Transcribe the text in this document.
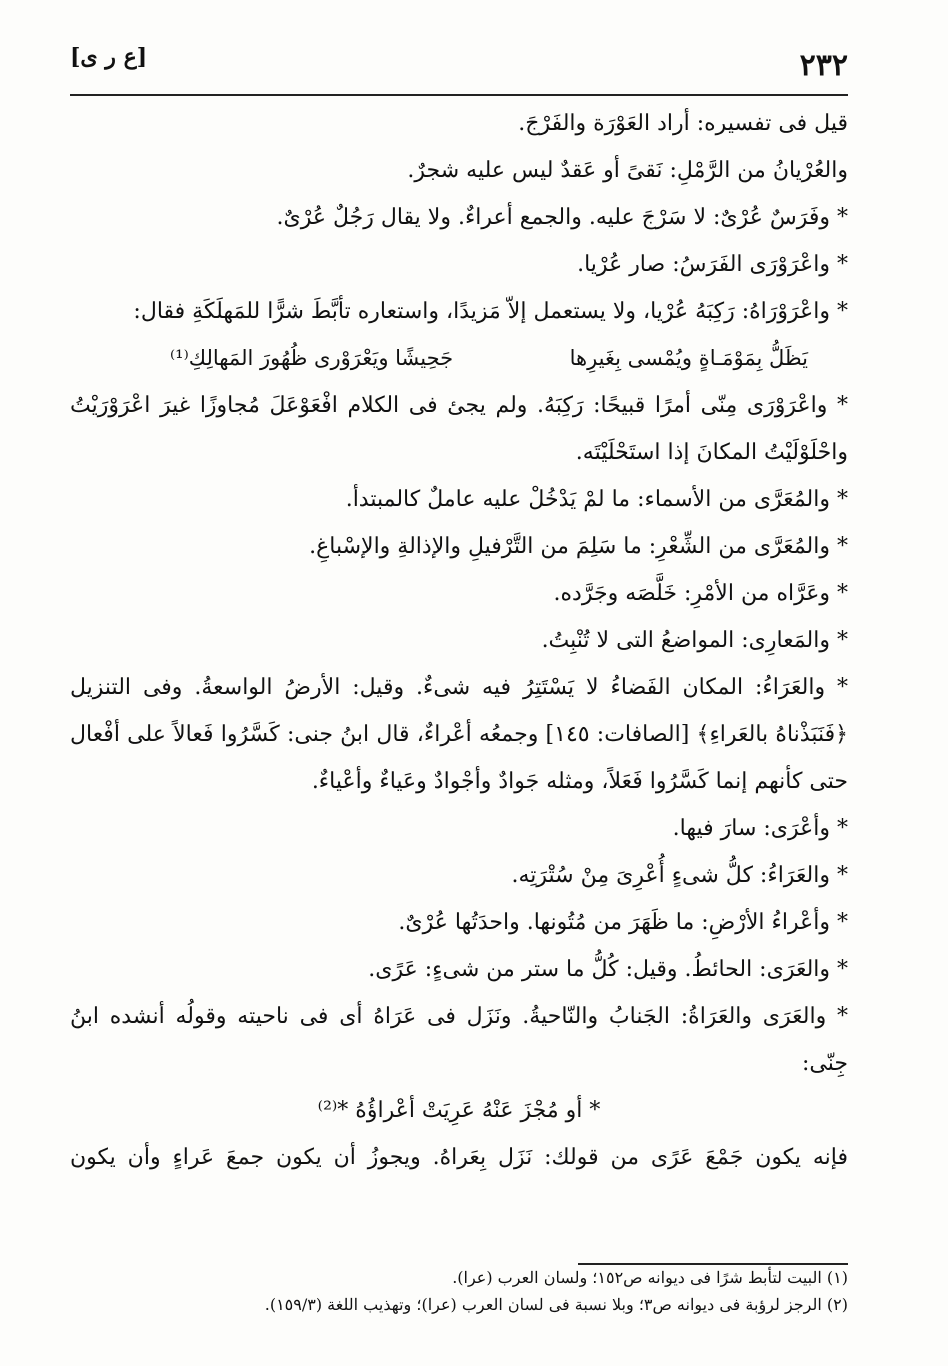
٢٣٢
[ع ر ى]
قيل فى تفسيره: أراد العَوْرَة والفَرْجَ.
والعُرْيانُ من الرَّمْلِ: نَقىً أو عَقدٌ ليس عليه شجرٌ.
* وفَرَسٌ عُرْىٌ: لا سَرْجَ عليه. والجمع أعراءٌ. ولا يقال رَجُلٌ عُرْىٌ.
* واعْرَوْرَى الفَرَسُ: صار عُرْيا.
* واعْرَوْرَاهُ: رَكِبَهُ عُرْيا، ولا يستعمل إلاّ مَزيدًا، واستعاره تأبَّطَ شرًّا للمَهلَكَةِ فقال:
يَظَلُّ بِمَوْمَـاةٍ ويُمْسى بِغَيرِها
جَحِيشًا ويَعْرَوْرى ظُهُورَ المَهالِكِ⁽¹⁾
* واعْرَوْرَى مِنّى أمرًا قبيحًا: رَكِبَهُ. ولم يجئ فى الكلام افْعَوْعَلَ مُجاوزًا غيرَ اعْرَوْرَيْتُ
واحْلَوْلَيْتُ المكانَ إذا استَحْلَيْتَه.
* والمُعَرَّى من الأسماء: ما لمْ يَدْخُلْ عليه عاملٌ كالمبتدأ.
* والمُعَرَّى من الشِّعْرِ: ما سَلِمَ من التَّرْفيلِ والإذالةِ والإسْباغِ.
* وعَرَّاه من الأمْرِ: خَلَّصَه وجَرَّده.
* والمَعارِى: المواضعُ التى لا تُنْبِتُ.
* والعَرَاءُ: المكان الفَضاءُ لا يَسْتَتِرُ فيه شىءٌ. وقيل: الأرضُ الواسعةُ. وفى التنزيل
﴿فَنَبَذْناهُ بالعَراءِ﴾ [الصافات: ١٤٥] وجمعُه أعْراءٌ، قال ابنُ جنى: كَسَّرُوا فَعالاً على أفْعال
حتى كأنهم إنما كَسَّرُوا فَعَلاً، ومثله جَوادٌ وأجْوادٌ وعَياءٌ وأعْياءٌ.
* وأعْرَى: سارَ فيها.
* والعَرَاءُ: كلُّ شىءٍ أُعْرِىَ مِنْ سُتْرَتِه.
* وأعْراءُ الأرْضِ: ما ظَهَرَ من مُتُونها. واحدَتُها عُرْىٌ.
* والعَرَى: الحائطُ. وقيل: كُلُّ ما ستر من شىءٍ: عَرًى.
* والعَرَى والعَرَاةُ: الجَنابُ والنّاحيةُ. ونَزَل فى عَرَاهُ أى فى ناحيته وقولُه أنشده ابنُ
جِنّى:
* أو مُجْزَ عَنْهُ عَرِيَتْ أعْراؤُهُ *⁽²⁾
فإنه يكون جَمْعَ عَرًى من قولك: نَزَل بِعَراهُ. ويجوزُ أن يكون جمعَ عَراءٍ وأن يكون
(١) البيت لتأبط شرًا فى ديوانه ص١٥٢؛ ولسان العرب (عرا).
(٢) الرجز لرؤبة فى ديوانه ص٣؛ وبلا نسبة فى لسان العرب (عرا)؛ وتهذيب اللغة (١٥٩/٣).
